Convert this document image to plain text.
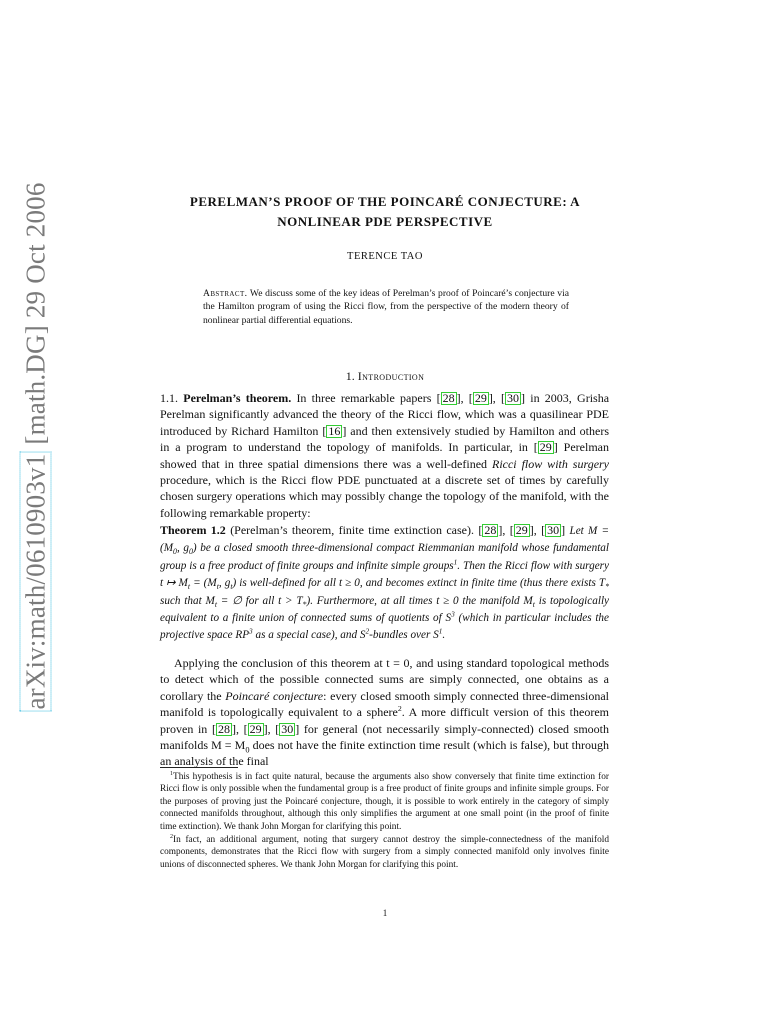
arXiv:math/0610903v1 [math.DG] 29 Oct 2006	PERELMAN’S PROOF OF THE POINCARÉ CONJECTURE: A
NONLINEAR PDE PERSPECTIVE
TERENCE TAO
Abstract. We discuss some of the key ideas of Perelman’s proof of Poincaré’s conjecture via the Hamilton program of using the Ricci flow, from the perspective of the modern theory of nonlinear partial differential equations.
1. Introduction
1.1. Perelman’s theorem. In three remarkable papers [ 28 ], [ 29 ], [ 30 ] in 2003, Grisha Perelman significantly advanced the theory of the Ricci flow, which was a quasilinear PDE introduced by Richard Hamilton [ 16 ] and then extensively studied by Hamilton and others in a program to understand the topology of manifolds. In particular, in [ 29 ] Perelman showed that in three spatial dimensions there was a well-defined Ricci flow with surgery procedure, which is the Ricci flow PDE punctuated at a discrete set of times by carefully chosen surgery operations which may possibly change the topology of the manifold, with the following remarkable property:
Theorem 1.2 (Perelman’s theorem, finite time extinction case). [ 28 ], [ 29 ], [ 30 ] Let $M = (M_0$, $g_0$) be a closed smooth three-dimensional compact Riemmanian manifold whose fundamental group is a free product of finite groups and infinite simple groups$^1$. Then the Ricci flow with surgery t ↦ $M_t = (M_t$, $g_t$) is well-defined for all t ≥ 0, and becomes extinct in finite time (thus there exists $T_*$ such that $M_t$ = ∅ for all $t > T_*$). Furthermore, at all times t ≥ 0 the manifold $M_t$ is topologically equivalent to a finite union of connected sums of quotients of $S^3$ (which in particular includes the projective space $RP^3$ as a special case), and $S^2$-bundles over $S^1$.
Applying the conclusion of this theorem at t = 0, and using standard topological methods to detect which of the possible connected sums are simply connected, one obtains as a corollary the Poincaré conjecture: every closed smooth simply connected three-dimensional manifold is topologically equivalent to a sphere$^2$. A more difficult version of this theorem proven in [ 28 ], [ 29 ], [ 30 ] for general (not necessarily simply-connected) closed smooth manifolds $M = M_0$ does not have the finite extinction time result (which is false), but through an analysis of the final
$^1$This hypothesis is in fact quite natural, because the arguments also show conversely that finite time extinction for Ricci flow is only possible when the fundamental group is a free product of finite groups and infinite simple groups. For the purposes of proving just the Poincaré conjecture, though, it is possible to work entirely in the category of simply connected manifolds throughout, although this only simplifies the argument at one small point (in the proof of finite time extinction). We thank John Morgan for clarifying this point.
$^2$In fact, an additional argument, noting that surgery cannot destroy the simple-connectedness of the manifold components, demonstrates that the Ricci flow with surgery from a simply connected manifold only involves finite unions of disconnected spheres. We thank John Morgan for clarifying this point.
1
